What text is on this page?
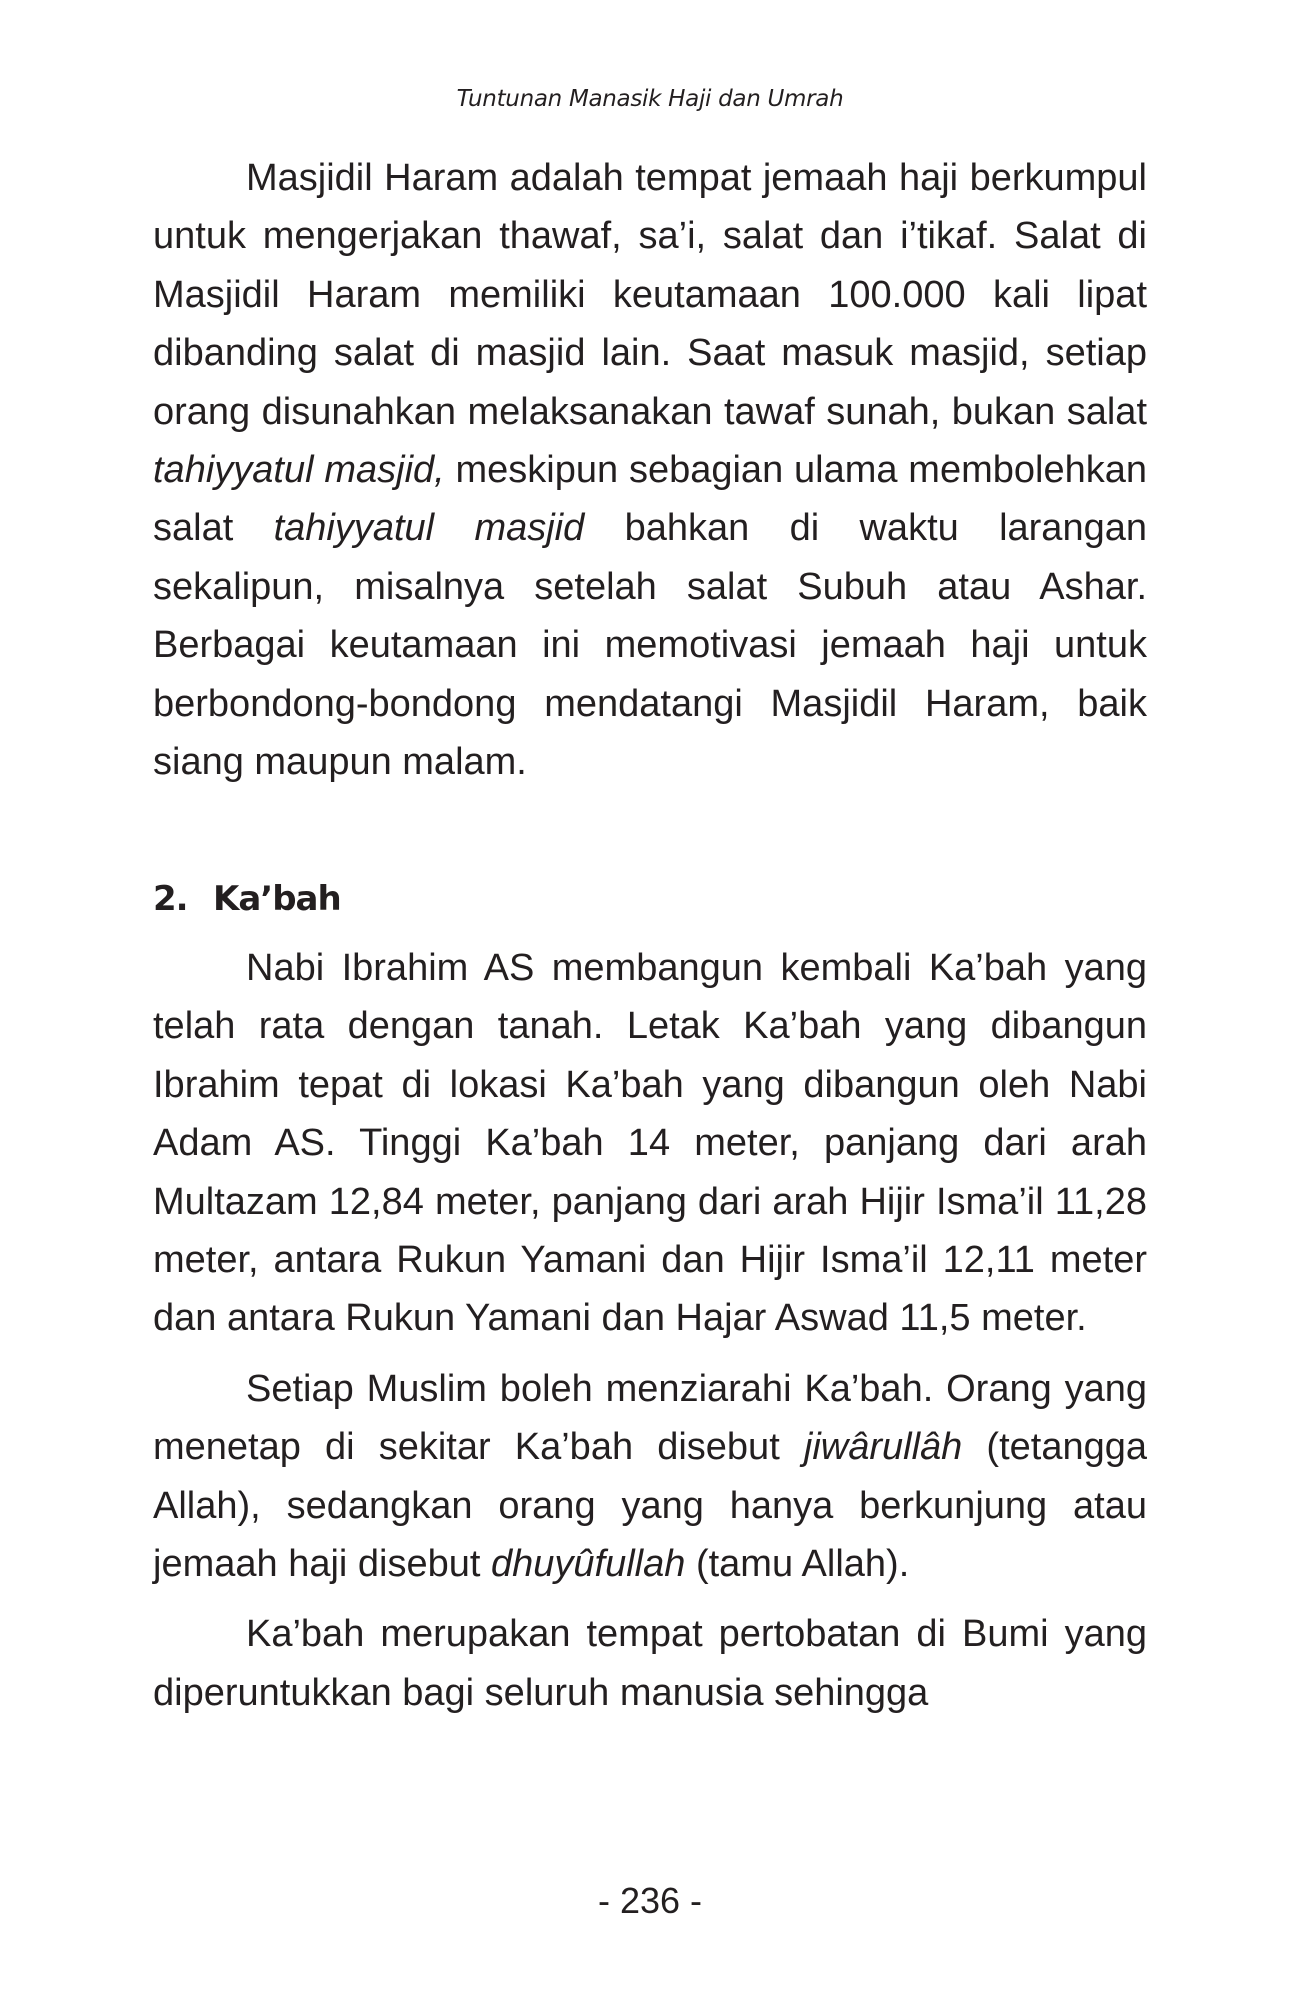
Tuntunan Manasik Haji dan Umrah

Masjidil Haram adalah tempat jemaah haji berkumpul untuk mengerjakan thawaf, sa’i, salat dan i’tikaf. Salat di Masjidil Haram memiliki keutamaan 100.000 kali lipat dibanding salat di masjid lain. Saat masuk masjid, setiap orang disunahkan melaksanakan tawaf sunah, bukan salat tahiyyatul masjid, meskipun sebagian ulama membolehkan salat tahiyyatul masjid bahkan di waktu larangan sekalipun, misalnya setelah salat Subuh atau Ashar. Berbagai keutamaan ini memotivasi jemaah haji untuk berbondong-bondong mendatangi Masjidil Haram, baik siang maupun malam.

2. Ka’bah

Nabi Ibrahim AS membangun kembali Ka’bah yang telah rata dengan tanah. Letak Ka’bah yang dibangun Ibrahim tepat di lokasi Ka’bah yang dibangun oleh Nabi Adam AS. Tinggi Ka’bah 14 meter, panjang dari arah Multazam 12,84 meter, panjang dari arah Hijir Isma’il 11,28 meter, antara Rukun Yamani dan Hijir Isma’il 12,11 meter dan antara Rukun Yamani dan Hajar Aswad 11,5 meter.

Setiap Muslim boleh menziarahi Ka’bah. Orang yang menetap di sekitar Ka’bah disebut jiwârullâh (tetangga Allah), sedangkan orang yang hanya berkunjung atau jemaah haji disebut dhuyûfullah (tamu Allah).

Ka’bah merupakan tempat pertobatan di Bumi yang diperuntukkan bagi seluruh manusia sehingga

- 236 -
